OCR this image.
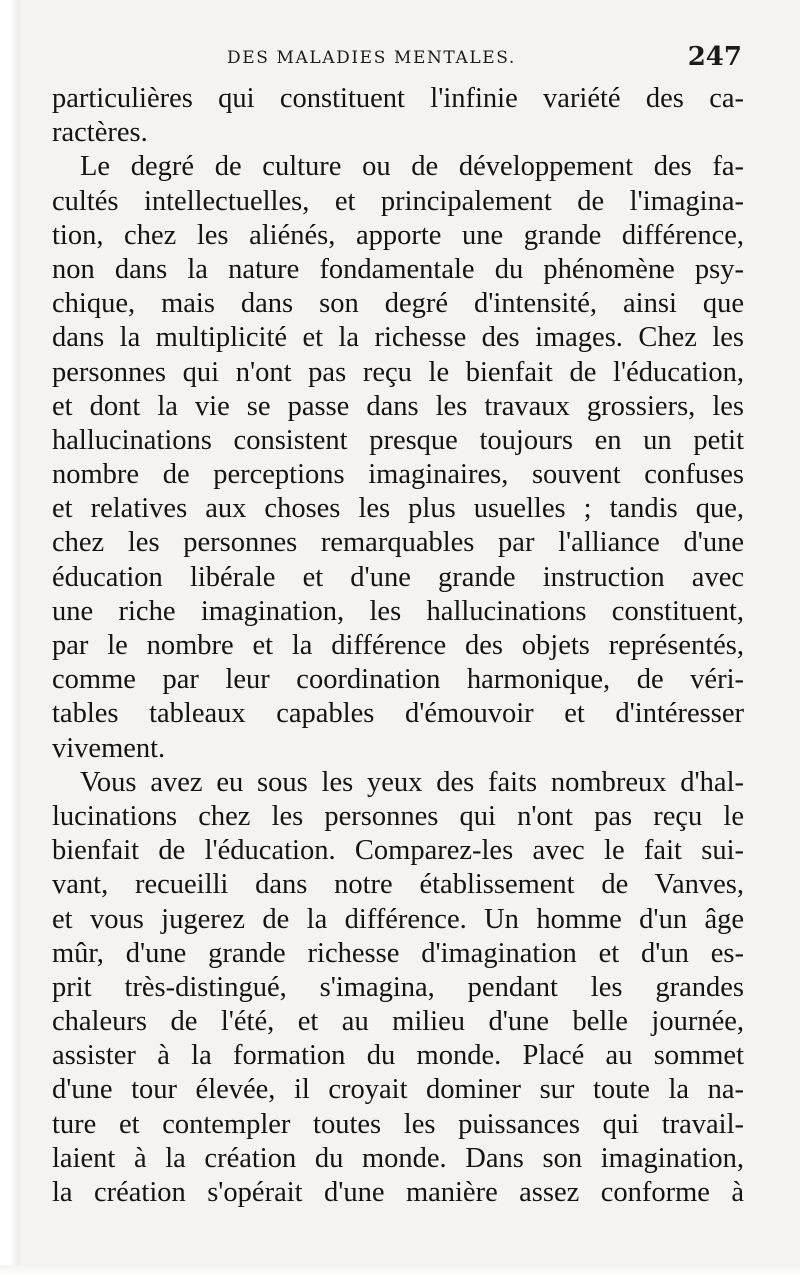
DES MALADIES MENTALES.	247
particulières qui constituent l'infinie variété des ca-
ractères.
Le degré de culture ou de développement des fa-
cultés intellectuelles, et principalement de l'imagina-
tion, chez les aliénés, apporte une grande différence,
non dans la nature fondamentale du phénomène psy-
chique, mais dans son degré d'intensité, ainsi que
dans la multiplicité et la richesse des images. Chez les
personnes qui n'ont pas reçu le bienfait de l'éducation,
et dont la vie se passe dans les travaux grossiers, les
hallucinations consistent presque toujours en un petit
nombre de perceptions imaginaires, souvent confuses
et relatives aux choses les plus usuelles ; tandis que,
chez les personnes remarquables par l'alliance d'une
éducation libérale et d'une grande instruction avec
une riche imagination, les hallucinations constituent,
par le nombre et la différence des objets représentés,
comme par leur coordination harmonique, de véri-
tables tableaux capables d'émouvoir et d'intéresser
vivement.
Vous avez eu sous les yeux des faits nombreux d'hal-
lucinations chez les personnes qui n'ont pas reçu le
bienfait de l'éducation. Comparez-les avec le fait sui-
vant, recueilli dans notre établissement de Vanves,
et vous jugerez de la différence. Un homme d'un âge
mûr, d'une grande richesse d'imagination et d'un es-
prit très-distingué, s'imagina, pendant les grandes
chaleurs de l'été, et au milieu d'une belle journée,
assister à la formation du monde. Placé au sommet
d'une tour élevée, il croyait dominer sur toute la na-
ture et contempler toutes les puissances qui travail-
laient à la création du monde. Dans son imagination,
la création s'opérait d'une manière assez conforme à
